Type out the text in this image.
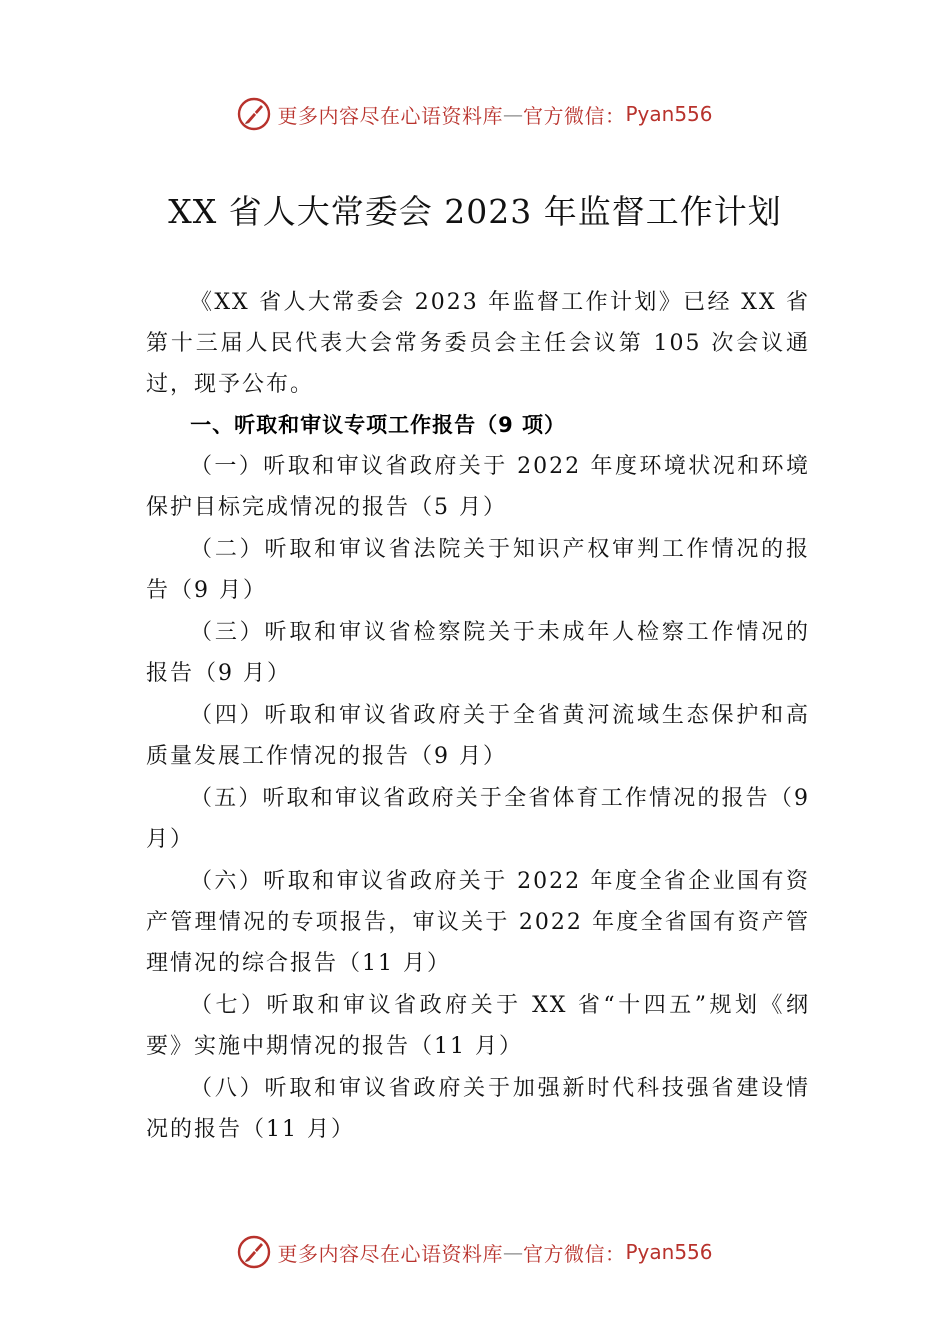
更多内容尽在心语资料库 — 官方微信： Pyan556
XX 省人大常委会 2023 年监督工作计划

《XX 省人大常委会 2023 年监督工作计划》已经 XX 省第十三届人民代表大会常务委员会主任会议第 105 次会议通过，现予公布。

一、听取和审议专项工作报告（9 项）

（一）听取和审议省政府关于 2022 年度环境状况和环境保护目标完成情况的报告（5 月）

（二）听取和审议省法院关于知识产权审判工作情况的报告（9 月）

（三）听取和审议省检察院关于未成年人检察工作情况的报告（9 月）

（四）听取和审议省政府关于全省黄河流域生态保护和高质量发展工作情况的报告（9 月）

（五）听取和审议省政府关于全省体育工作情况的报告（9 月）

（六）听取和审议省政府关于 2022 年度全省企业国有资产管理情况的专项报告，审议关于 2022 年度全省国有资产管理情况的综合报告（11 月）

（七）听取和审议省政府关于 XX 省“十四五”规划《纲要》实施中期情况的报告（11 月）

（八）听取和审议省政府关于加强新时代科技强省建设情况的报告（11 月）

更多内容尽在心语资料库 — 官方微信： Pyan556
